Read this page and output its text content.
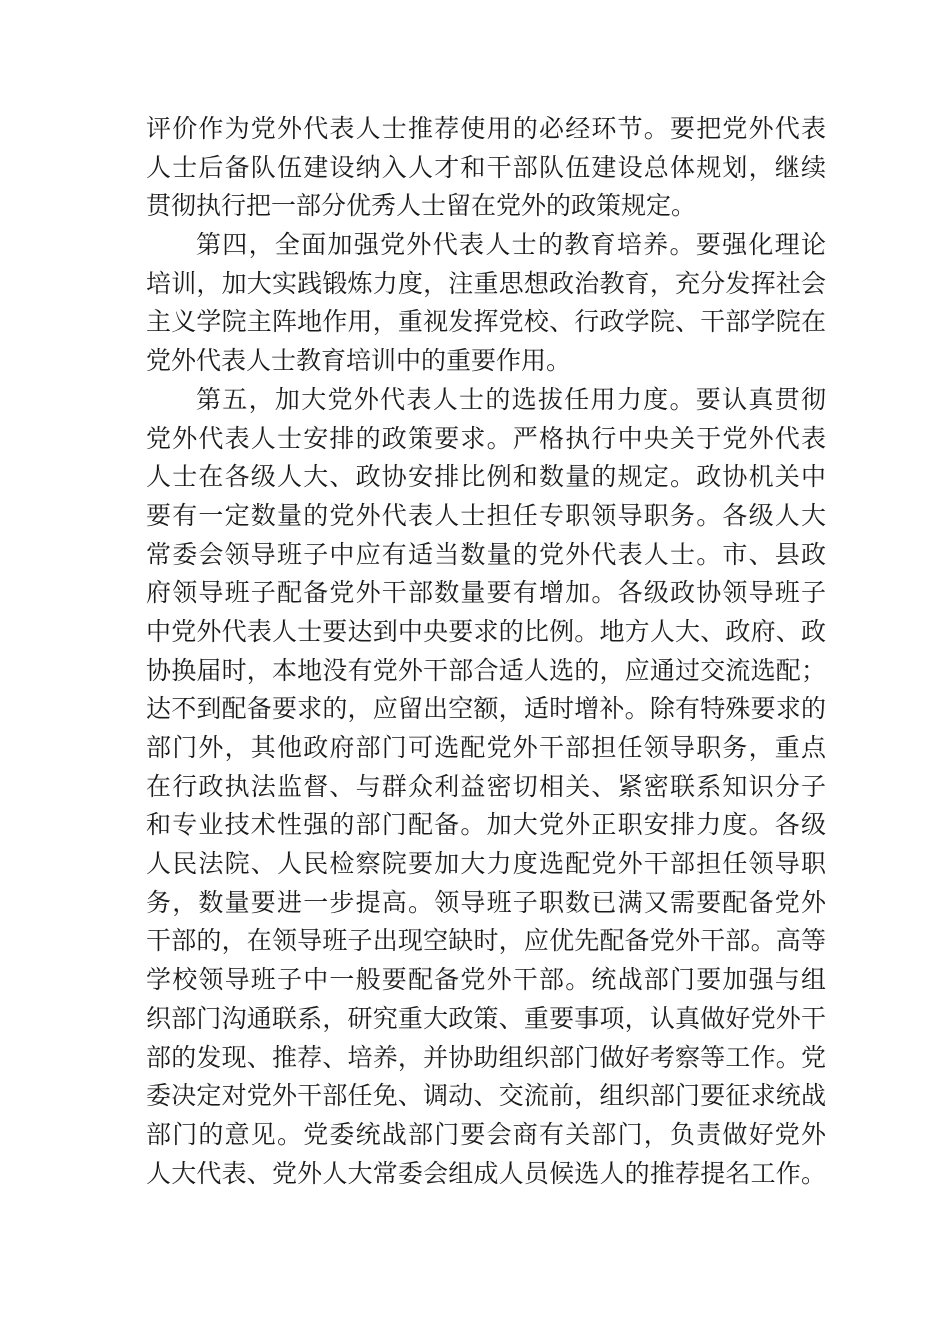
评价作为党外代表人士推荐使用的必经环节。要把党外代表
人士后备队伍建设纳入人才和干部队伍建设总体规划，继续
贯彻执行把一部分优秀人士留在党外的政策规定。
第四，全面加强党外代表人士的教育培养。要强化理论
培训，加大实践锻炼力度，注重思想政治教育，充分发挥社会
主义学院主阵地作用，重视发挥党校、行政学院、干部学院在
党外代表人士教育培训中的重要作用。
第五，加大党外代表人士的选拔任用力度。要认真贯彻
党外代表人士安排的政策要求。严格执行中央关于党外代表
人士在各级人大、政协安排比例和数量的规定。政协机关中
要有一定数量的党外代表人士担任专职领导职务。各级人大
常委会领导班子中应有适当数量的党外代表人士。市、县政
府领导班子配备党外干部数量要有增加。各级政协领导班子
中党外代表人士要达到中央要求的比例。地方人大、政府、政
协换届时，本地没有党外干部合适人选的，应通过交流选配；
达不到配备要求的，应留出空额，适时增补。除有特殊要求的
部门外，其他政府部门可选配党外干部担任领导职务，重点
在行政执法监督、与群众利益密切相关、紧密联系知识分子
和专业技术性强的部门配备。加大党外正职安排力度。各级
人民法院、人民检察院要加大力度选配党外干部担任领导职
务，数量要进一步提高。领导班子职数已满又需要配备党外
干部的，在领导班子出现空缺时，应优先配备党外干部。高等
学校领导班子中一般要配备党外干部。统战部门要加强与组
织部门沟通联系，研究重大政策、重要事项，认真做好党外干
部的发现、推荐、培养，并协助组织部门做好考察等工作。党
委决定对党外干部任免、调动、交流前，组织部门要征求统战
部门的意见。党委统战部门要会商有关部门，负责做好党外
人大代表、党外人大常委会组成人员候选人的推荐提名工作。
